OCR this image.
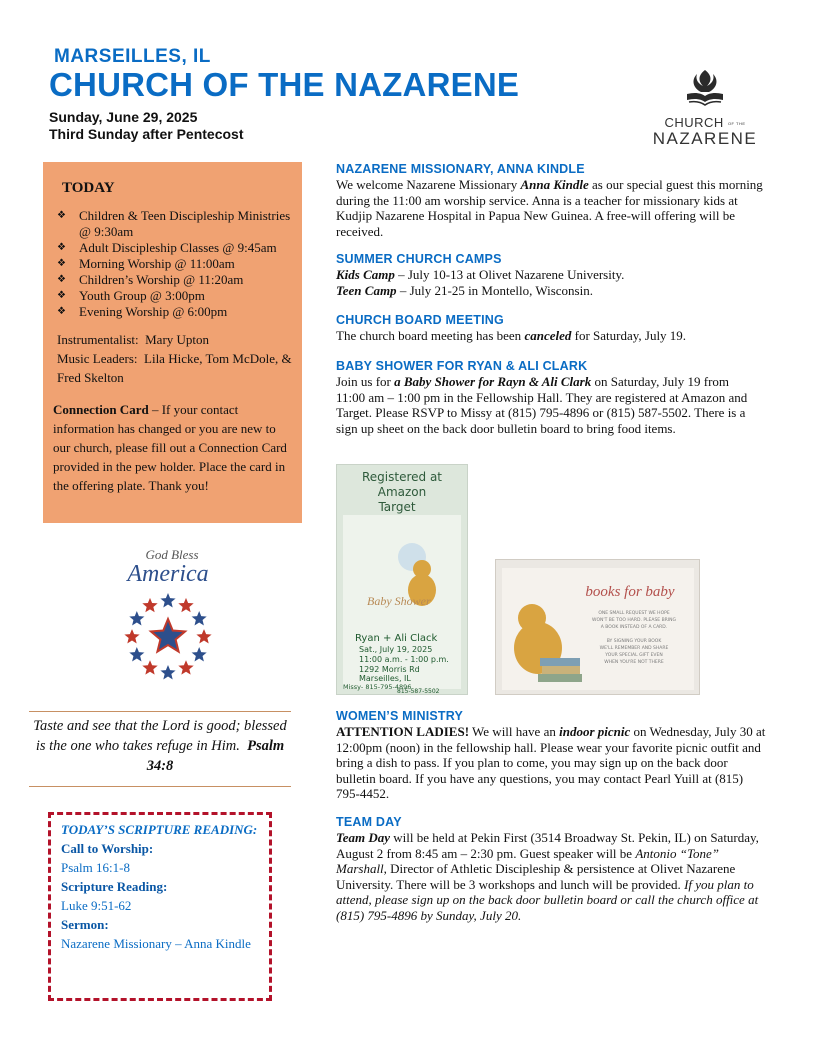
MARSEILLES, IL
CHURCH OF THE NAZARENE
Sunday, June 29, 2025
Third Sunday after Pentecost
CHURCH OF THE
NAZARENE
TODAY
❖ Children & Teen Discipleship Ministries @ 9:30am
❖ Adult Discipleship Classes @ 9:45am
❖ Morning Worship @ 11:00am
❖ Children’s Worship @ 11:20am
❖ Youth Group @ 3:00pm
❖ Evening Worship @ 6:00pm
Instrumentalist: Mary Upton
Music Leaders: Lila Hicke, Tom McDole, & Fred Skelton
Connection Card – If your contact information has changed or you are new to our church, please fill out a Connection Card provided in the pew holder. Place the card in the offering plate. Thank you!
God Bless
America
Taste and see that the Lord is good; blessed is the one who takes refuge in Him. Psalm 34:8
TODAY’S SCRIPTURE READING:
Call to Worship:
Psalm 16:1-8
Scripture Reading:
Luke 9:51-62
Sermon:
Nazarene Missionary – Anna Kindle
NAZARENE MISSIONARY, ANNA KINDLE
We welcome Nazarene Missionary Anna Kindle as our special guest this morning during the 11:00 am worship service. Anna is a teacher for missionary kids at Kudjip Nazarene Hospital in Papua New Guinea. A free-will offering will be received.
SUMMER CHURCH CAMPS
Kids Camp – July 10-13 at Olivet Nazarene University.
Teen Camp – July 21-25 in Montello, Wisconsin.
CHURCH BOARD MEETING
The church board meeting has been canceled for Saturday, July 19.
BABY SHOWER FOR RYAN & ALI CLARK
Join us for a Baby Shower for Rayn & Ali Clark on Saturday, July 19 from 11:00 am – 1:00 pm in the Fellowship Hall. They are registered at Amazon and Target. Please RSVP to Missy at (815) 795-4896 or (815) 587-5502. There is a sign up sheet on the back door bulletin board to bring food items.
Registered at
Amazon
Target
Baby Shower
Ryan + Ali Clack
Sat., July 19, 2025
11:00 a.m. - 1:00 p.m.
1292 Morris Rd
Marseilles, IL
Missy- 815-795-4896
815-587-5502
books for baby
ONE SMALL REQUEST WE HOPE
WON'T BE TOO HARD. PLEASE BRING
A BOOK INSTEAD OF A CARD.
BY SIGNING YOUR BOOK
WE'LL REMEMBER AND SHARE
YOUR SPECIAL GIFT EVEN
WHEN YOU'RE NOT THERE
WOMEN’S MINISTRY
ATTENTION LADIES! We will have an indoor picnic on Wednesday, July 30 at 12:00pm (noon) in the fellowship hall. Please wear your favorite picnic outfit and bring a dish to pass. If you plan to come, you may sign up on the back door bulletin board. If you have any questions, you may contact Pearl Yuill at (815) 795-4452.
TEAM DAY
Team Day will be held at Pekin First (3514 Broadway St. Pekin, IL) on Saturday, August 2 from 8:45 am – 2:30 pm. Guest speaker will be Antonio “Tone” Marshall, Director of Athletic Discipleship & persistence at Olivet Nazarene University. There will be 3 workshops and lunch will be provided. If you plan to attend, please sign up on the back door bulletin board or call the church office at (815) 795-4896 by Sunday, July 20.
